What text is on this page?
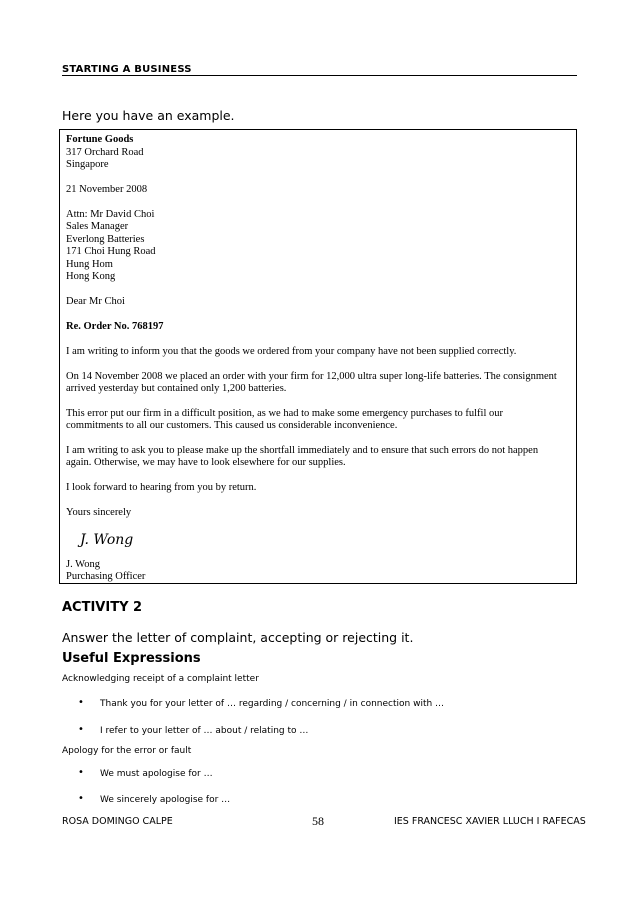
STARTING A BUSINESS
Here you have an example.
Fortune Goods
317 Orchard Road
Singapore
21 November 2008
Attn: Mr David Choi
Sales Manager
Everlong Batteries
171 Choi Hung Road
Hung Hom
Hong Kong
Dear Mr Choi
Re. Order No. 768197
I am writing to inform you that the goods we ordered from your company have not been supplied correctly.
On 14 November 2008 we placed an order with your firm for 12,000 ultra super long-life batteries. The consignment
arrived yesterday but contained only 1,200 batteries.
This error put our firm in a difficult position, as we had to make some emergency purchases to fulfil our
commitments to all our customers. This caused us considerable inconvenience.
I am writing to ask you to please make up the shortfall immediately and to ensure that such errors do not happen
again. Otherwise, we may have to look elsewhere for our supplies.
I look forward to hearing from you by return.
Yours sincerely
J. Wong
J. Wong
Purchasing Officer
ACTIVITY 2
Answer the letter of complaint, accepting or rejecting it.
Useful Expressions
Acknowledging receipt of a complaint letter
• Thank you for your letter of … regarding / concerning / in connection with …
• I refer to your letter of … about / relating to …
Apology for the error or fault
• We must apologise for …
• We sincerely apologise for …
ROSA DOMINGO CALPE	58	IES FRANCESC XAVIER LLUCH I RAFECAS
